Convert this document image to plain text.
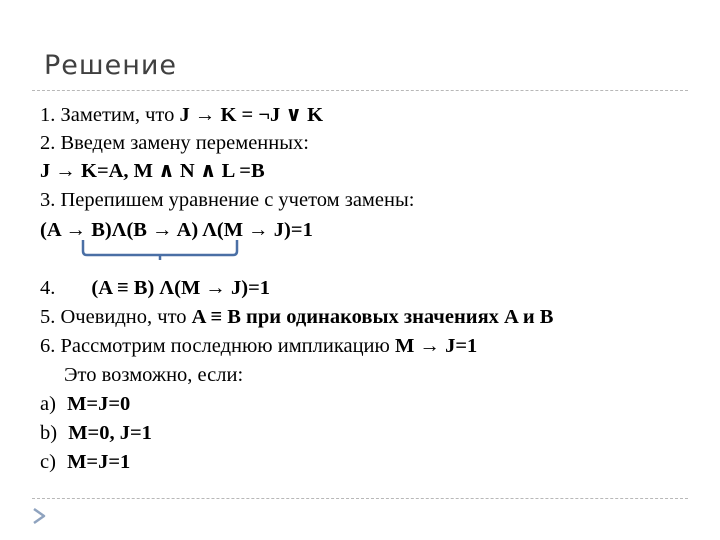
Решение
1. Заметим, что J → K = ¬J ∨ K
2. Введем замену переменных:
J → K=A, M ∧ N ∧ L =B
3. Перепишем уравнение с учетом замены:
(A → B)Λ(B → A) Λ(M → J)=1
4. (A ≡ B) Λ(M → J)=1
5. Очевидно, что A ≡ B при одинаковых значениях A и B
6. Рассмотрим последнюю импликацию M → J=1
Это возможно, если:
a) M=J=0
b) M=0, J=1
c) M=J=1
